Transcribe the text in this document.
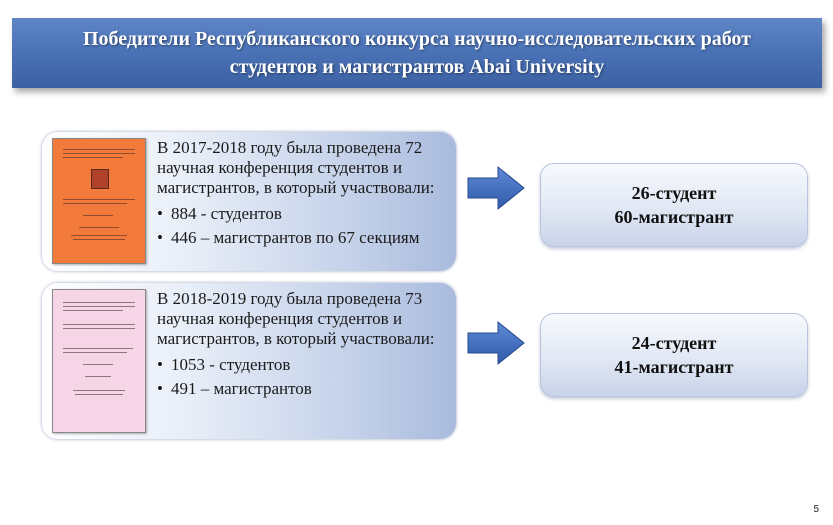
Победители Республиканского конкурса научно-исследовательских работ
студентов и магистрантов Abai University

В 2017-2018 году была проведена 72 научная конференция студентов и магистрантов, в который участвовали:

• 884 - студентов
• 446 – магистрантов по 67 секциям
26-студент
60-магистрант

В 2018-2019 году была проведена 73 научная конференция студентов и магистрантов, в который участвовали:

• 1053 - студентов
• 491 – магистрантов
24-студент
41-магистрант
5
